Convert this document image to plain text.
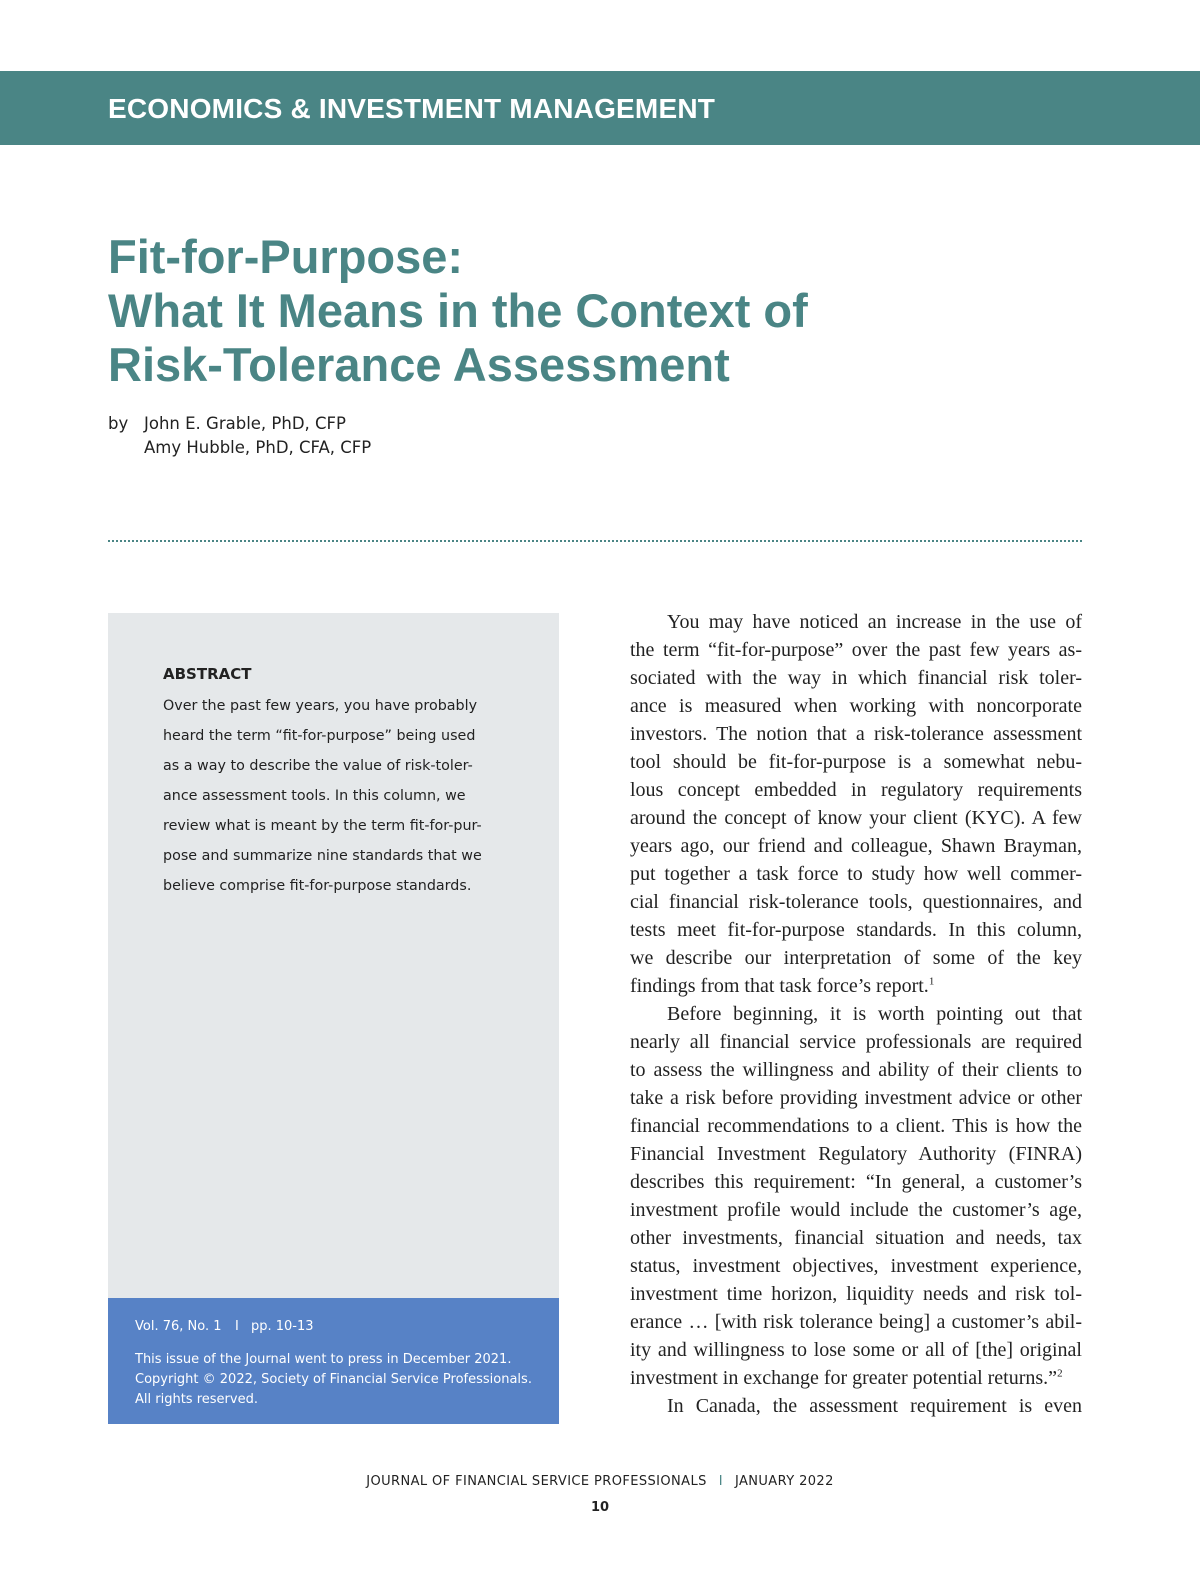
ECONOMICS & INVESTMENT MANAGEMENT
Fit-for-Purpose:
What It Means in the Context of
Risk-Tolerance Assessment
by John E. Grable, PhD, CFP
Amy Hubble, PhD, CFA, CFP
ABSTRACT
Over the past few years, you have probably
heard the term “fit-for-purpose” being used
as a way to describe the value of risk-toler-
ance assessment tools. In this column, we
review what is meant by the term fit-for-pur-
pose and summarize nine standards that we
believe comprise fit-for-purpose standards.
Vol. 76, No. 1 I pp. 10-13
This issue of the Journal went to press in December 2021.
Copyright © 2022, Society of Financial Service Professionals.
All rights reserved.
You may have noticed an increase in the use of
the term “fit-for-purpose” over the past few years as-
sociated with the way in which financial risk toler-
ance is measured when working with noncorporate
investors. The notion that a risk-tolerance assessment
tool should be fit-for-purpose is a somewhat nebu-
lous concept embedded in regulatory requirements
around the concept of know your client (KYC). A few
years ago, our friend and colleague, Shawn Brayman,
put together a task force to study how well commer-
cial financial risk-tolerance tools, questionnaires, and
tests meet fit-for-purpose standards. In this column,
we describe our interpretation of some of the key
findings from that task force’s report.$^1$
Before beginning, it is worth pointing out that
nearly all financial service professionals are required
to assess the willingness and ability of their clients to
take a risk before providing investment advice or other
financial recommendations to a client. This is how the
Financial Investment Regulatory Authority (FINRA)
describes this requirement: “In general, a customer’s
investment profile would include the customer’s age,
other investments, financial situation and needs, tax
status, investment objectives, investment experience,
investment time horizon, liquidity needs and risk tol-
erance … [with risk tolerance being] a customer’s abil-
ity and willingness to lose some or all of [the] original
investment in exchange for greater potential returns.”$^2$
In Canada, the assessment requirement is even
JOURNAL OF FINANCIAL SERVICE PROFESSIONALS I JANUARY 2022
10
